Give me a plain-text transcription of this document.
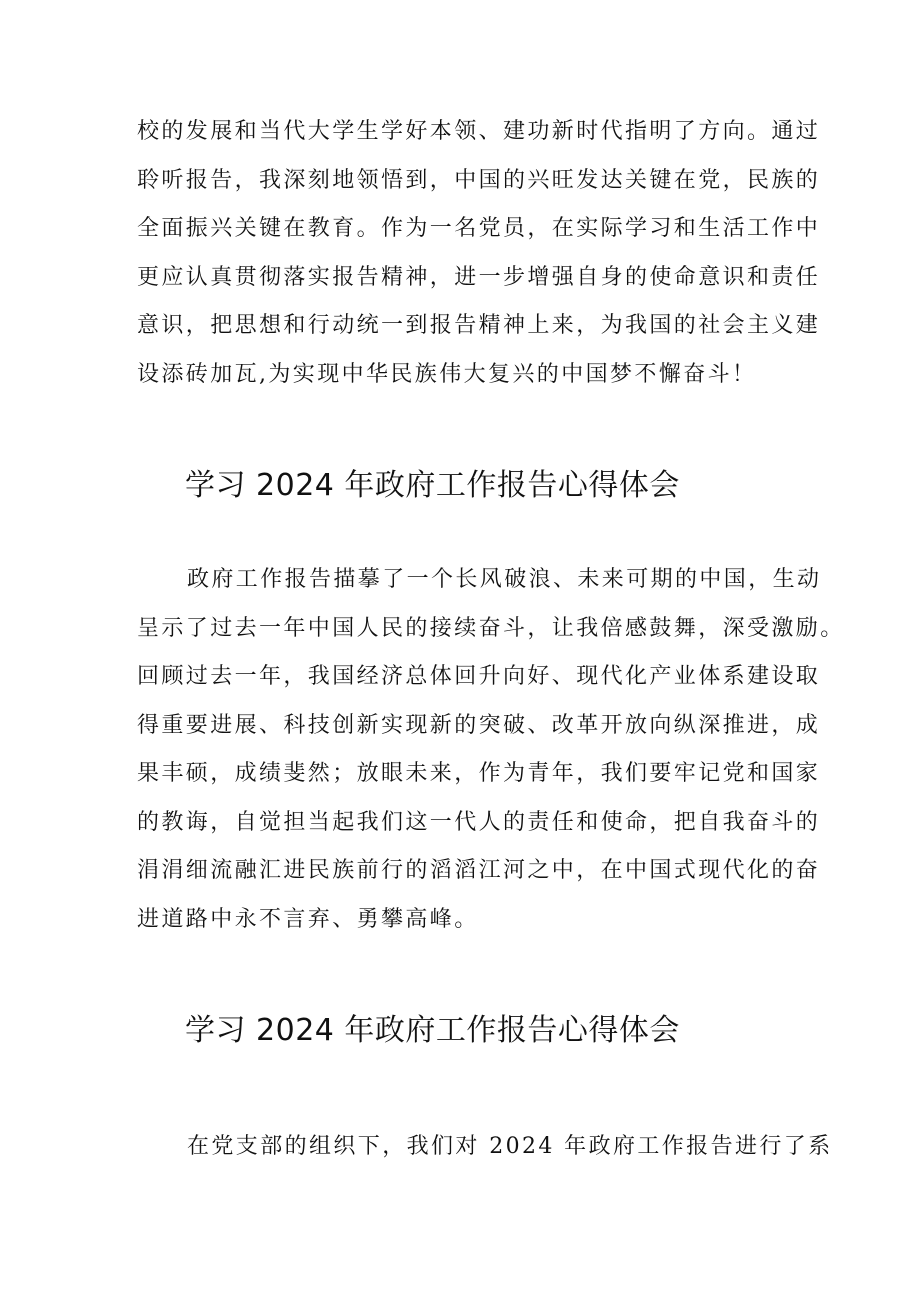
校的发展和当代大学生学好本领、建功新时代指明了方向。通过
聆听报告，我深刻地领悟到，中国的兴旺发达关键在党，民族的
全面振兴关键在教育。作为一名党员，在实际学习和生活工作中
更应认真贯彻落实报告精神，进一步增强自身的使命意识和责任
意识，把思想和行动统一到报告精神上来，为我国的社会主义建
设添砖加瓦,为实现中华民族伟大复兴的中国梦不懈奋斗！
学习 2024 年政府工作报告心得体会
政府工作报告描摹了一个长风破浪、未来可期的中国，生动
呈示了过去一年中国人民的接续奋斗，让我倍感鼓舞，深受激励。
回顾过去一年，我国经济总体回升向好、现代化产业体系建设取
得重要进展、科技创新实现新的突破、改革开放向纵深推进，成
果丰硕，成绩斐然；放眼未来，作为青年，我们要牢记党和国家
的教诲，自觉担当起我们这一代人的责任和使命，把自我奋斗的
涓涓细流融汇进民族前行的滔滔江河之中，在中国式现代化的奋
进道路中永不言弃、勇攀高峰。
学习 2024 年政府工作报告心得体会
在党支部的组织下，我们对 2024 年政府工作报告进行了系
